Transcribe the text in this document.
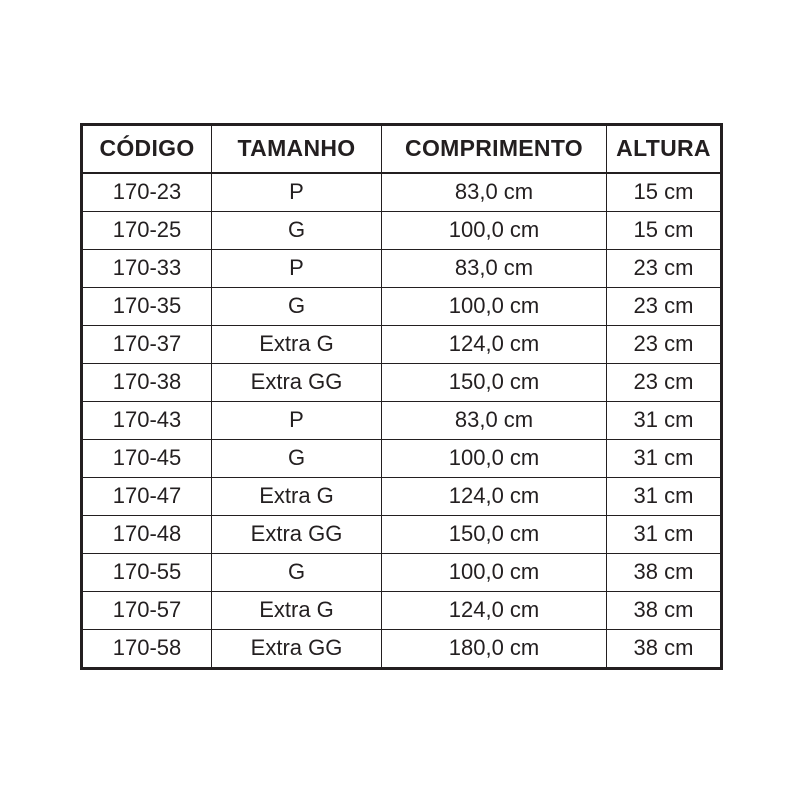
CÓDIGO	TAMANHO	COMPRIMENTO	ALTURA
170-23	P	83,0 cm	15 cm
170-25	G	100,0 cm	15 cm
170-33	P	83,0 cm	23 cm
170-35	G	100,0 cm	23 cm
170-37	Extra G	124,0 cm	23 cm
170-38	Extra GG	150,0 cm	23 cm
170-43	P	83,0 cm	31 cm
170-45	G	100,0 cm	31 cm
170-47	Extra G	124,0 cm	31 cm
170-48	Extra GG	150,0 cm	31 cm
170-55	G	100,0 cm	38 cm
170-57	Extra G	124,0 cm	38 cm
170-58	Extra GG	180,0 cm	38 cm
